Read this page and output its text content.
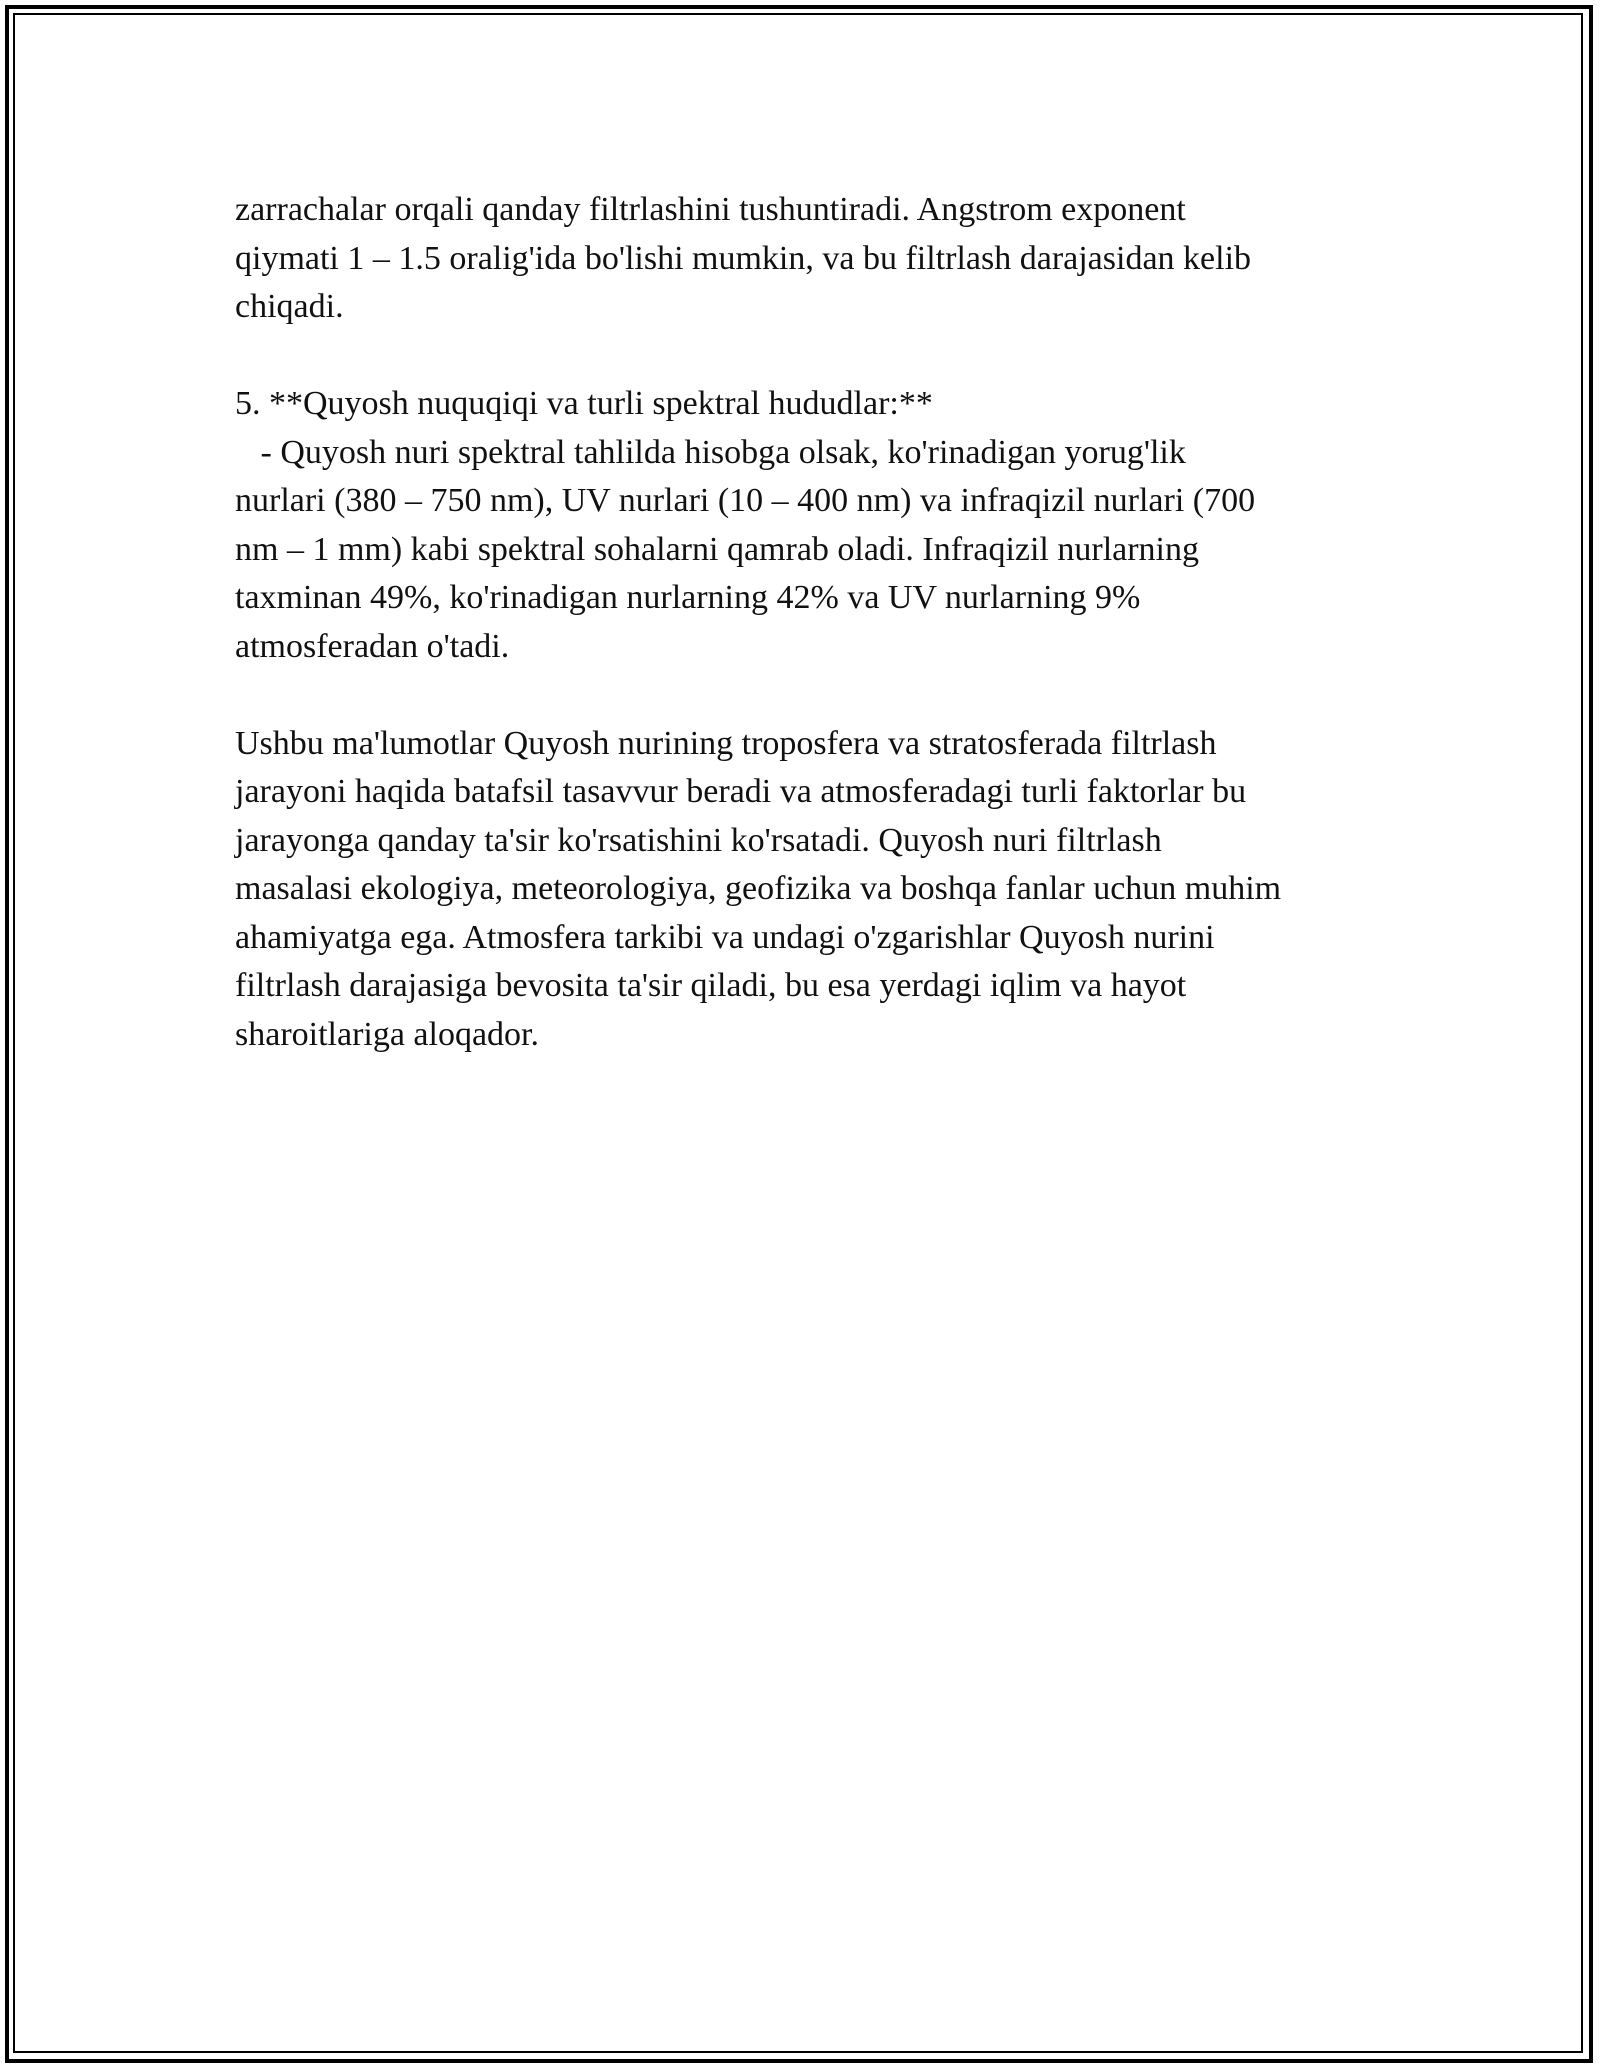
zarrachalar orqali qanday filtrlashini tushuntiradi. Angstrom exponent
qiymati 1 – 1.5 oralig'ida bo'lishi mumkin, va bu filtrlash darajasidan kelib
chiqadi.
5. **Quyosh nuquqiqi va turli spektral hududlar:**
- Quyosh nuri spektral tahlilda hisobga olsak, ko'rinadigan yorug'lik
nurlari (380 – 750 nm), UV nurlari (10 – 400 nm) va infraqizil nurlari (700
nm – 1 mm) kabi spektral sohalarni qamrab oladi. Infraqizil nurlarning
taxminan 49%, ko'rinadigan nurlarning 42% va UV nurlarning 9%
atmosferadan o'tadi.
Ushbu ma'lumotlar Quyosh nurining troposfera va stratosferada filtrlash
jarayoni haqida batafsil tasavvur beradi va atmosferadagi turli faktorlar bu
jarayonga qanday ta'sir ko'rsatishini ko'rsatadi. Quyosh nuri filtrlash
masalasi ekologiya, meteorologiya, geofizika va boshqa fanlar uchun muhim
ahamiyatga ega. Atmosfera tarkibi va undagi o'zgarishlar Quyosh nurini
filtrlash darajasiga bevosita ta'sir qiladi, bu esa yerdagi iqlim va hayot
sharoitlariga aloqador.
